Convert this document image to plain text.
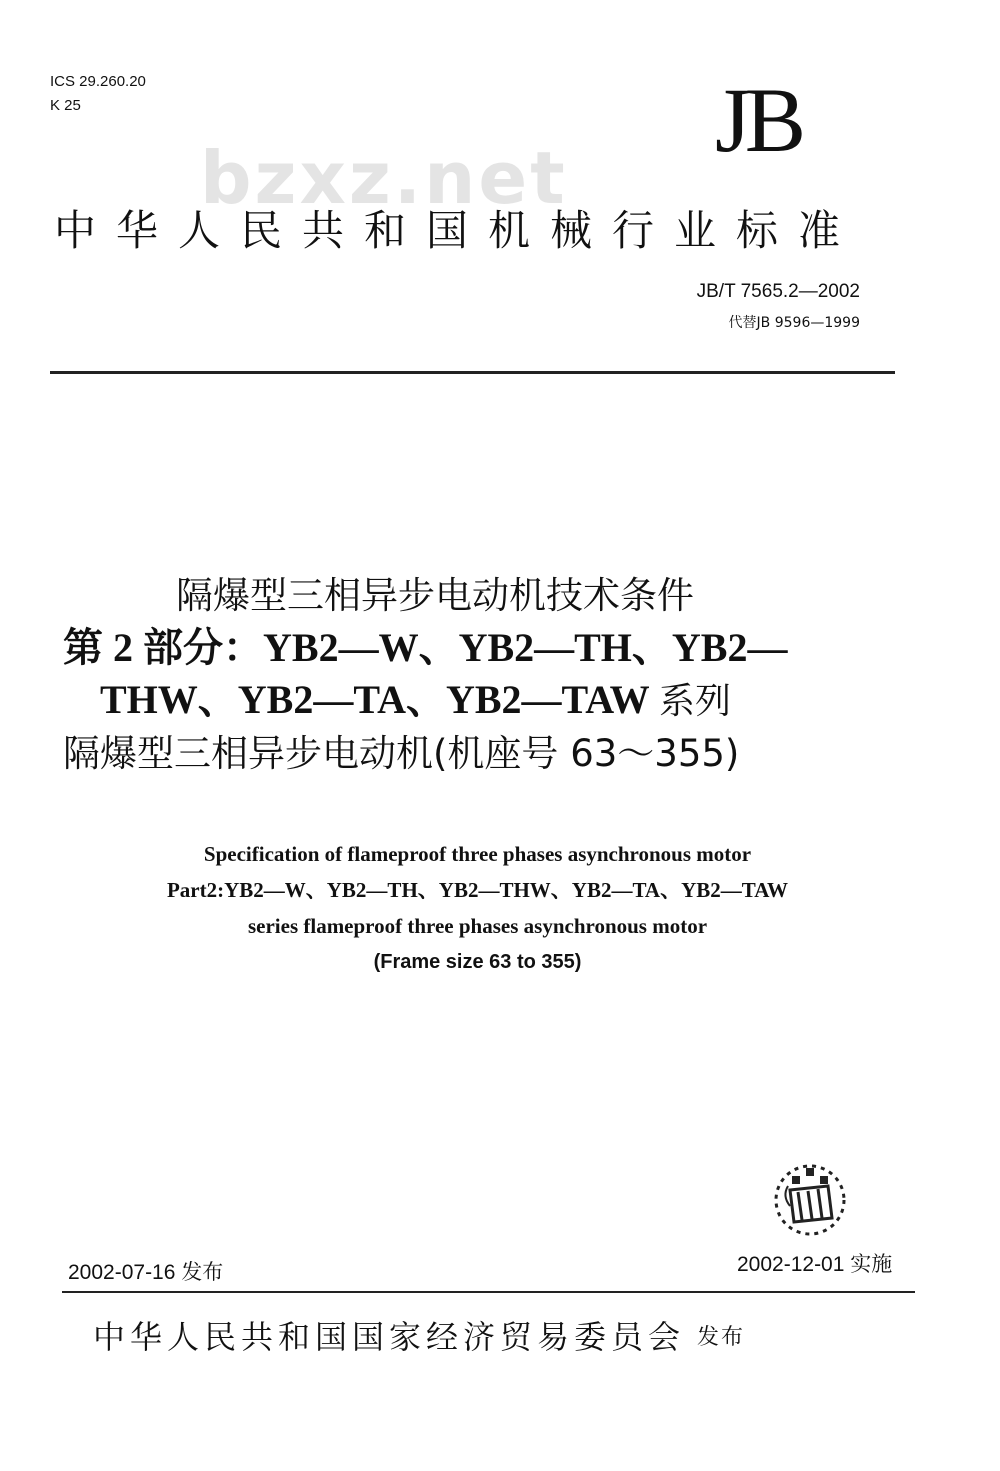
ICS 29.260.20
K 25	JB
bzxz.net
中华人民共和国机械行业标准
JB/T 7565.2—2002
代替JB 9596—1999
隔爆型三相异步电动机技术条件
第 2 部分：YB2—W、YB2—TH、YB2—
THW、YB2—TA、YB2—TAW 系列
隔爆型三相异步电动机(机座号 63～355)
Specification of flameproof three phases asynchronous motor
Part2:YB2—W、YB2—TH、YB2—THW、YB2—TA、YB2—TAW
series flameproof three phases asynchronous motor
(Frame size 63 to 355)
2002-07-16 发布	2002-12-01 实施
中华人民共和国国家经济贸易委员会 发布
